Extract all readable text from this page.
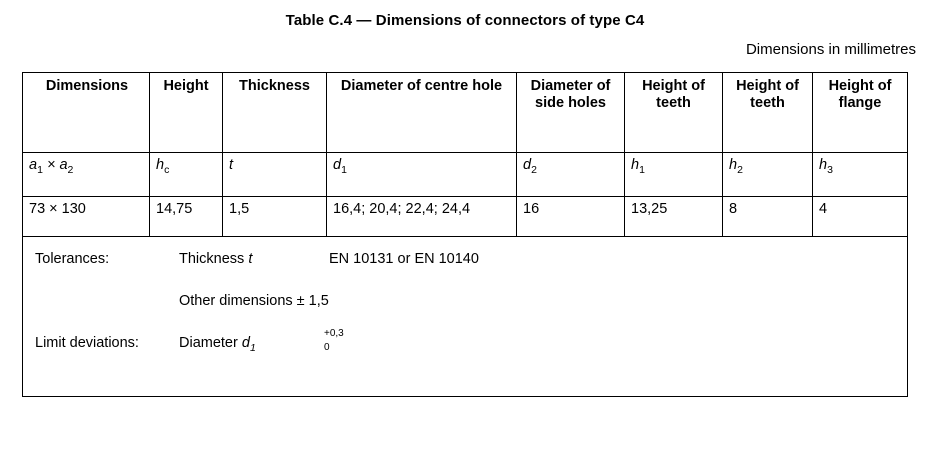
Table C.4 — Dimensions of connectors of type C4
Dimensions in millimetres
Dimensions	Height	Thickness	Diameter of centre hole	Diameter of side holes	Height of teeth	Height of teeth	Height of flange
$a_1 \times a_2$	$h_c$	t	$d_1$	$d_2$	$h_1$	$h_2$	$h_3$
73 × 130	14,75	1,5	16,4; 20,4; 22,4; 24,4	16	13,25	8	4

Tolerances:	Thickness t	EN 10131 or EN 10140
Other dimensions ± 1,5
Limit deviations:	Diameter $d_1$
+0,3
0
